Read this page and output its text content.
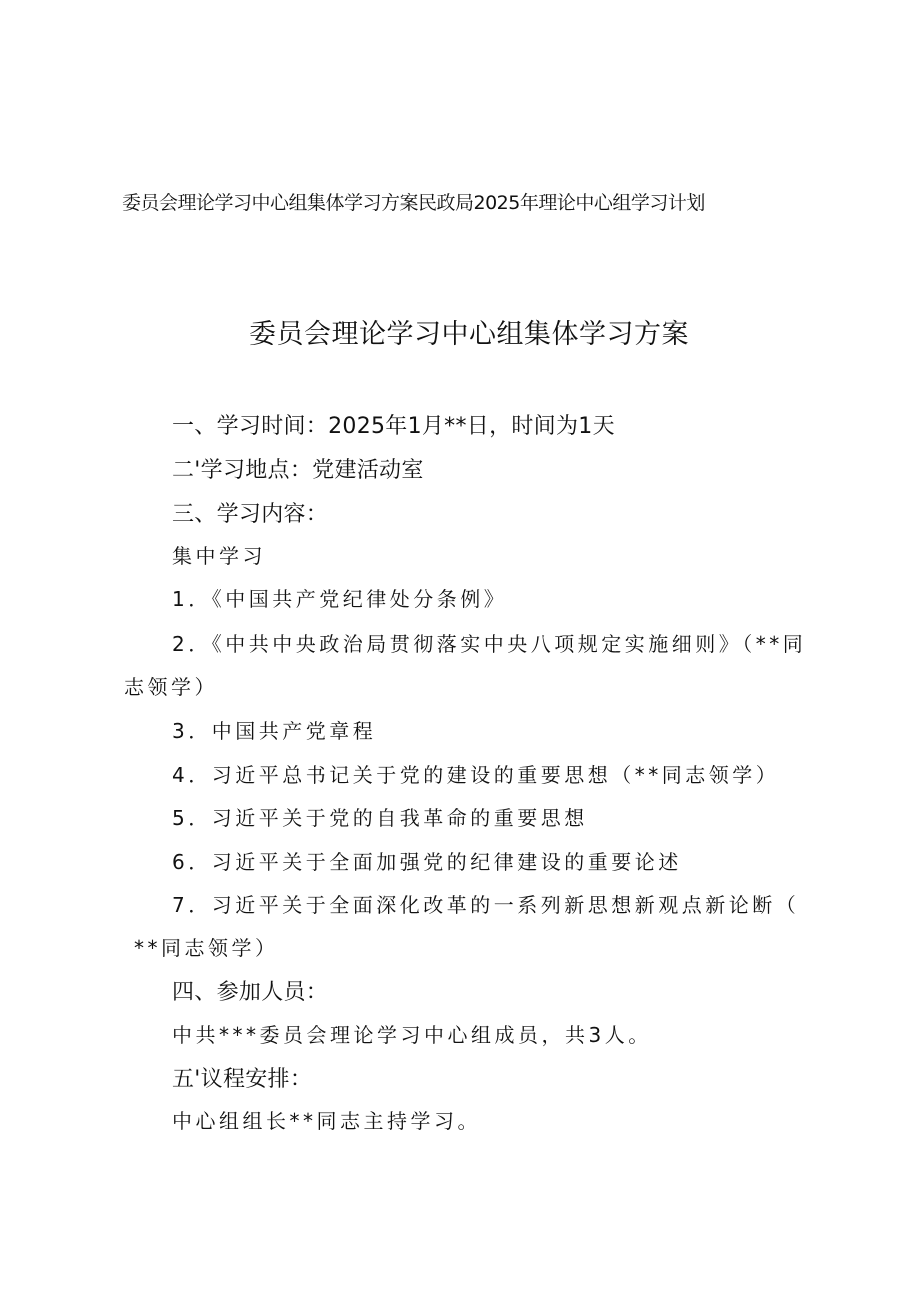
委员会理论学习中心组集体学习方案民政局2025年理论中心组学习计划
委员会理论学习中心组集体学习方案
一、学习时间：2025年1月**日，时间为1天
二'学习地点：党建活动室
三、学习内容：
集中学习
1．《中国共产党纪律处分条例》
2．《中共中央政治局贯彻落实中央八项规定实施细则》（**同
志领学）
3．中国共产党章程
4．习近平总书记关于党的建设的重要思想（**同志领学）
5．习近平关于党的自我革命的重要思想
6．习近平关于全面加强党的纪律建设的重要论述
7．习近平关于全面深化改革的一系列新思想新观点新论断（
**同志领学）
四、参加人员：
中共***委员会理论学习中心组成员，共3人。
五'议程安排：
中心组组长**同志主持学习。
